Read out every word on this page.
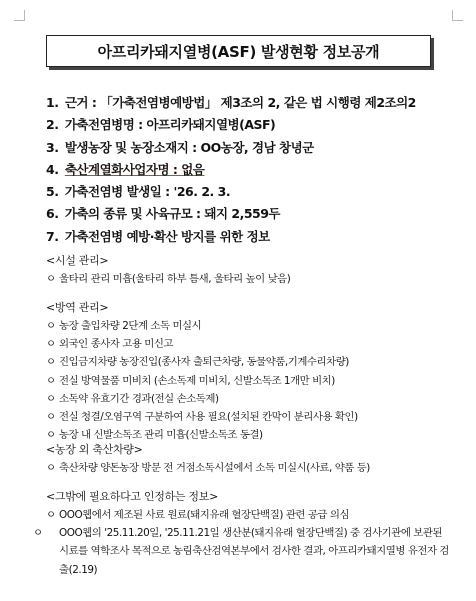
아프리카돼지열병(ASF) 발생현황 정보공개
1. 근거 : 「가축전염병예방법」 제3조의 2, 같은 법 시행령 제2조의2
2. 가축전염병명 : 아프리카돼지열병(ASF)
3. 발생농장 및 농장소재지 : OO농장, 경남 창녕군
4. 축산계열화사업자명 : 없음
5. 가축전염병 발생일 : '26. 2. 3.
6. 가축의 종류 및 사육규모 : 돼지 2,559두
7. 가축전염병 예방·확산 방지를 위한 정보
<시설 관리>
ㅇ 울타리 관리 미흡(울타리 하부 틈새, 울타리 높이 낮음)
<방역 관리>
ㅇ 농장 출입차량 2단계 소독 미실시
ㅇ 외국인 종사자 고용 미신고
ㅇ 진입금지차량 농장진입(종사자 출퇴근차량, 동물약품,기계수리차량)
ㅇ 전실 방역물품 미비치 (손소독제 미비치, 신발소독조 1개만 비치)
ㅇ 소독약 유효기간 경과(전실 손소독제)
ㅇ 전실 청결/오염구역 구분하여 사용 필요(설치된 칸막이 분리사용 확인)
ㅇ 농장 내 신발소독조 관리 미흡(신발소독조 동결)
<농장 외 축산차량>
ㅇ 축산차량 양돈농장 방문 전 거점소독시설에서 소독 미실시(사료, 약품 등)
<그밖에 필요하다고 인정하는 정보>
ㅇ OOO웹에서 제조된 사료 원료(돼지유래 혈장단백질) 관련 공급 의심
ㅇ OOO웹의 '25.11.20일, '25.11.21일 생산분(돼지유래 혈장단백질) 중 검사기관에 보관된 시료를 역학조사 목적으로 농림축산검역본부에서 검사한 결과, 아프리카돼지열병 유전자 검출(2.19)
